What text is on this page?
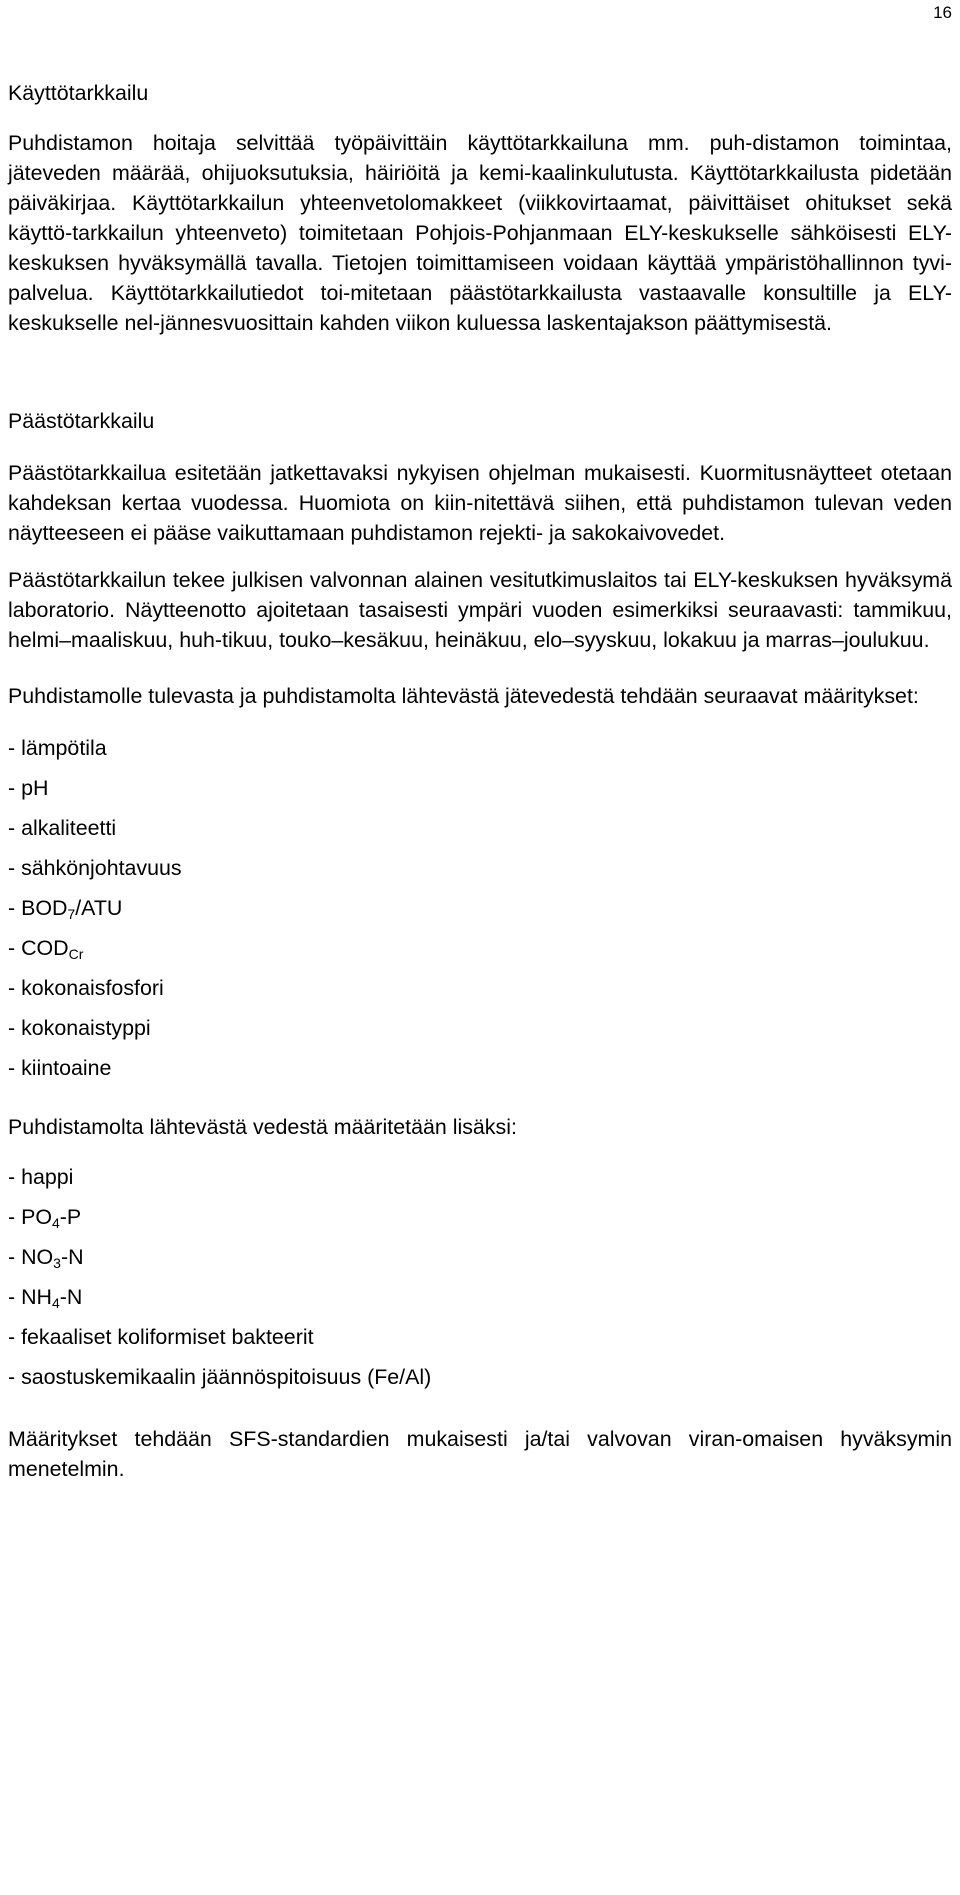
16

Käyttötarkkailu

Puhdistamon hoitaja selvittää työpäivittäin käyttötarkkailuna mm. puh-distamon toimintaa, jäteveden määrää, ohijuoksutuksia, häiriöitä ja kemi-kaalinkulutusta. Käyttötarkkailusta pidetään päiväkirjaa. Käyttötarkkailun yhteenvetolomakkeet (viikkovirtaamat, päivittäiset ohitukset sekä käyttö-tarkkailun yhteenveto) toimitetaan Pohjois-Pohjanmaan ELY-keskukselle sähköisesti ELY-keskuksen hyväksymällä tavalla. Tietojen toimittamiseen voidaan käyttää ympäristöhallinnon tyvi-palvelua. Käyttötarkkailutiedot toi-mitetaan päästötarkkailusta vastaavalle konsultille ja ELY-keskukselle nel-jännesvuosittain kahden viikon kuluessa laskentajakson päättymisestä.

Päästötarkkailu

Päästötarkkailua esitetään jatkettavaksi nykyisen ohjelman mukaisesti. Kuormitusnäytteet otetaan kahdeksan kertaa vuodessa. Huomiota on kiin-nitettävä siihen, että puhdistamon tulevan veden näytteeseen ei pääse vaikuttamaan puhdistamon rejekti- ja sakokaivovedet.

Päästötarkkailun tekee julkisen valvonnan alainen vesitutkimuslaitos tai ELY-keskuksen hyväksymä laboratorio. Näytteenotto ajoitetaan tasaisesti ympäri vuoden esimerkiksi seuraavasti: tammikuu, helmi–maaliskuu, huh-tikuu, touko–kesäkuu, heinäkuu, elo–syyskuu, lokakuu ja marras–joulukuu.

Puhdistamolle tulevasta ja puhdistamolta lähtevästä jätevedestä tehdään seuraavat määritykset:

- lämpötila
- pH
- alkaliteetti
- sähkönjohtavuus
- $BOD_7$/ATU
- $COD_{Cr}$
- kokonaisfosfori
- kokonaistyppi
- kiintoaine

Puhdistamolta lähtevästä vedestä määritetään lisäksi:

- happi
- $PO_4-P$
- $NO_3-N$
- $NH_4-N$
- fekaaliset koliformiset bakteerit
- saostuskemikaalin jäännöspitoisuus (Fe/Al)

Määritykset tehdään SFS-standardien mukaisesti ja/tai valvovan viran-omaisen hyväksymin menetelmin.
